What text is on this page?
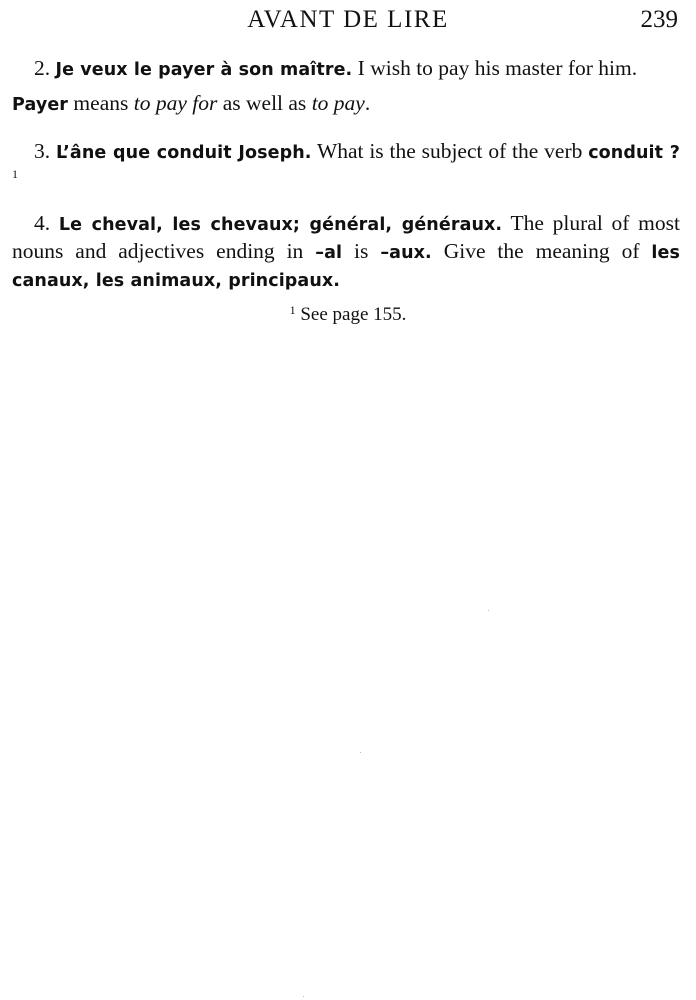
AVANT DE LIRE	239
2. Je veux le payer à son maître. I wish to pay his master for him.
Payer means to pay for as well as to pay.
3. L’âne que conduit Joseph. What is the subject of the verb conduit ?$^1$
4. Le cheval, les chevaux; général, généraux. The plural of most nouns and adjectives ending in –al is –aux. Give the meaning of les canaux, les animaux, principaux.
$^1$ See page 155.
